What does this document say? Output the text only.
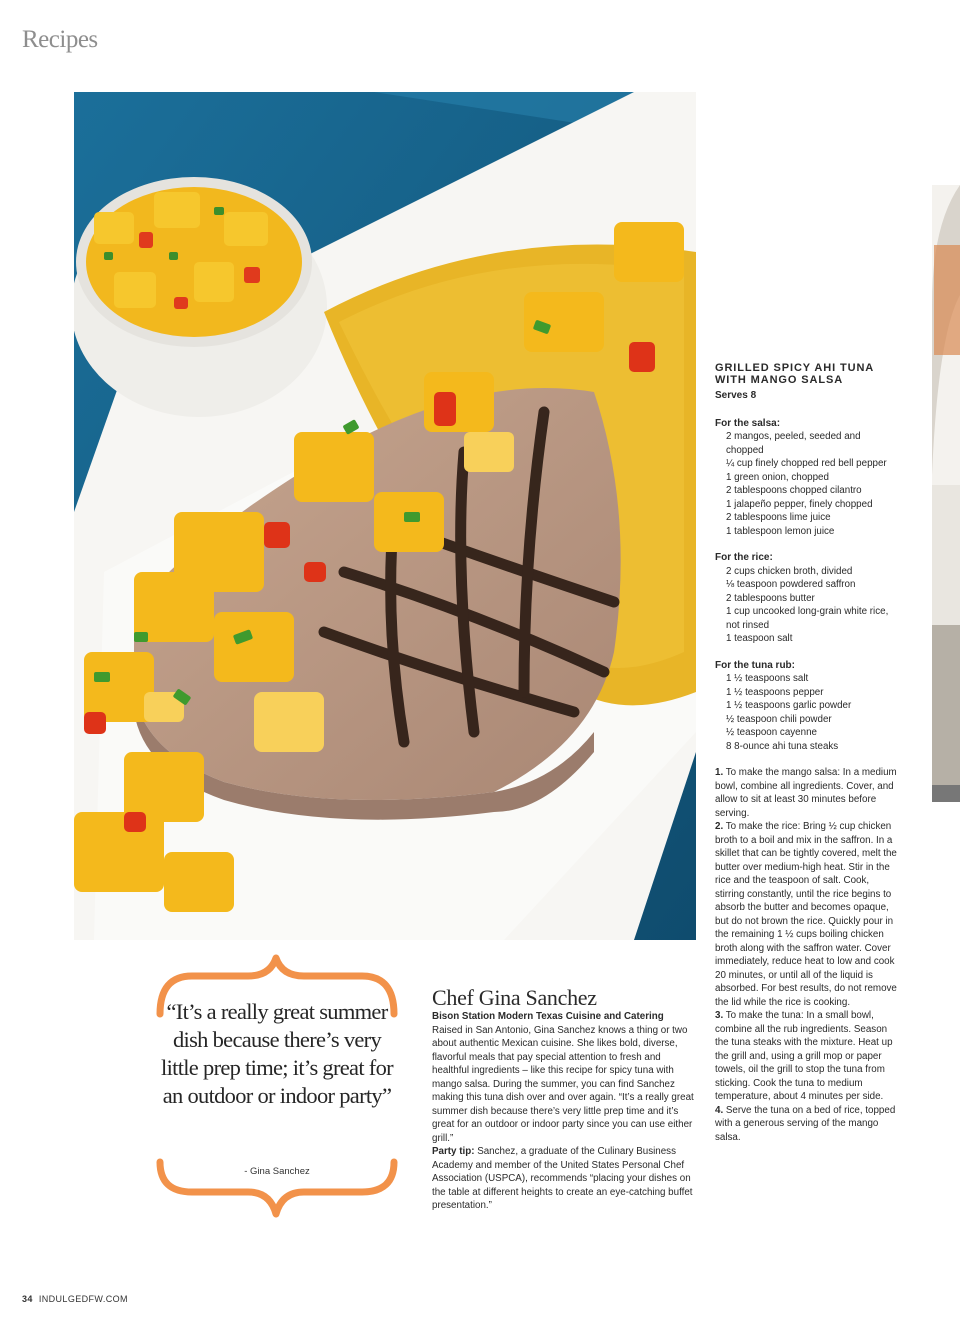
Recipes

GRILLED SPICY AHI TUNA
WITH MANGO SALSA

Serves 8

For the salsa:

2 mangos, peeled, seeded and chopped
¼ cup finely chopped red bell pepper
1 green onion, chopped
2 tablespoons chopped cilantro
1 jalapeño pepper, finely chopped
2 tablespoons lime juice
1 tablespoon lemon juice

For the rice:

2 cups chicken broth, divided
⅛ teaspoon powdered saffron
2 tablespoons butter
1 cup uncooked long-grain white rice, not rinsed
1 teaspoon salt

For the tuna rub:

1 ½ teaspoons salt
1 ½ teaspoons pepper
1 ½ teaspoons garlic powder
½ teaspoon chili powder
½ teaspoon cayenne
8 8-ounce ahi tuna steaks

1. To make the mango salsa: In a medium bowl, combine all ingredients. Cover, and allow to sit at least 30 minutes before serving.

2. To make the rice: Bring ½ cup chicken broth to a boil and mix in the saffron. In a skillet that can be tightly covered, melt the butter over medium-high heat. Stir in the rice and the teaspoon of salt. Cook, stirring constantly, until the rice begins to absorb the butter and becomes opaque, but do not brown the rice. Quickly pour in the remaining 1 ½ cups boiling chicken broth along with the saffron water. Cover immediately, reduce heat to low and cook 20 minutes, or until all of the liquid is absorbed. For best results, do not remove the lid while the rice is cooking.

3. To make the tuna: In a small bowl, combine all the rub ingredients. Season the tuna steaks with the mixture. Heat up the grill and, using a grill mop or paper towels, oil the grill to stop the tuna from sticking. Cook the tuna to medium temperature, about 4 minutes per side.

4. Serve the tuna on a bed of rice, topped with a generous serving of the mango salsa.

“It’s a really great summer dish because there’s very little prep time; it’s great for an outdoor or indoor party”

- Gina Sanchez
Chef Gina Sanchez

Bison Station Modern Texas Cuisine and Catering

Raised in San Antonio, Gina Sanchez knows a thing or two about authentic Mexican cuisine. She likes bold, diverse, flavorful meals that pay special attention to fresh and healthful ingredients – like this recipe for spicy tuna with mango salsa. During the summer, you can find Sanchez making this tuna dish over and over again. “It’s a really great summer dish because there’s very little prep time and it’s great for an outdoor or indoor party since you can use either grill.”

Party tip: Sanchez, a graduate of the Culinary Business Academy and member of the United States Personal Chef Association (USPCA), recommends “placing your dishes on the table at different heights to create an eye-catching buffet presentation.”

34 INDULGEDFW.COM
